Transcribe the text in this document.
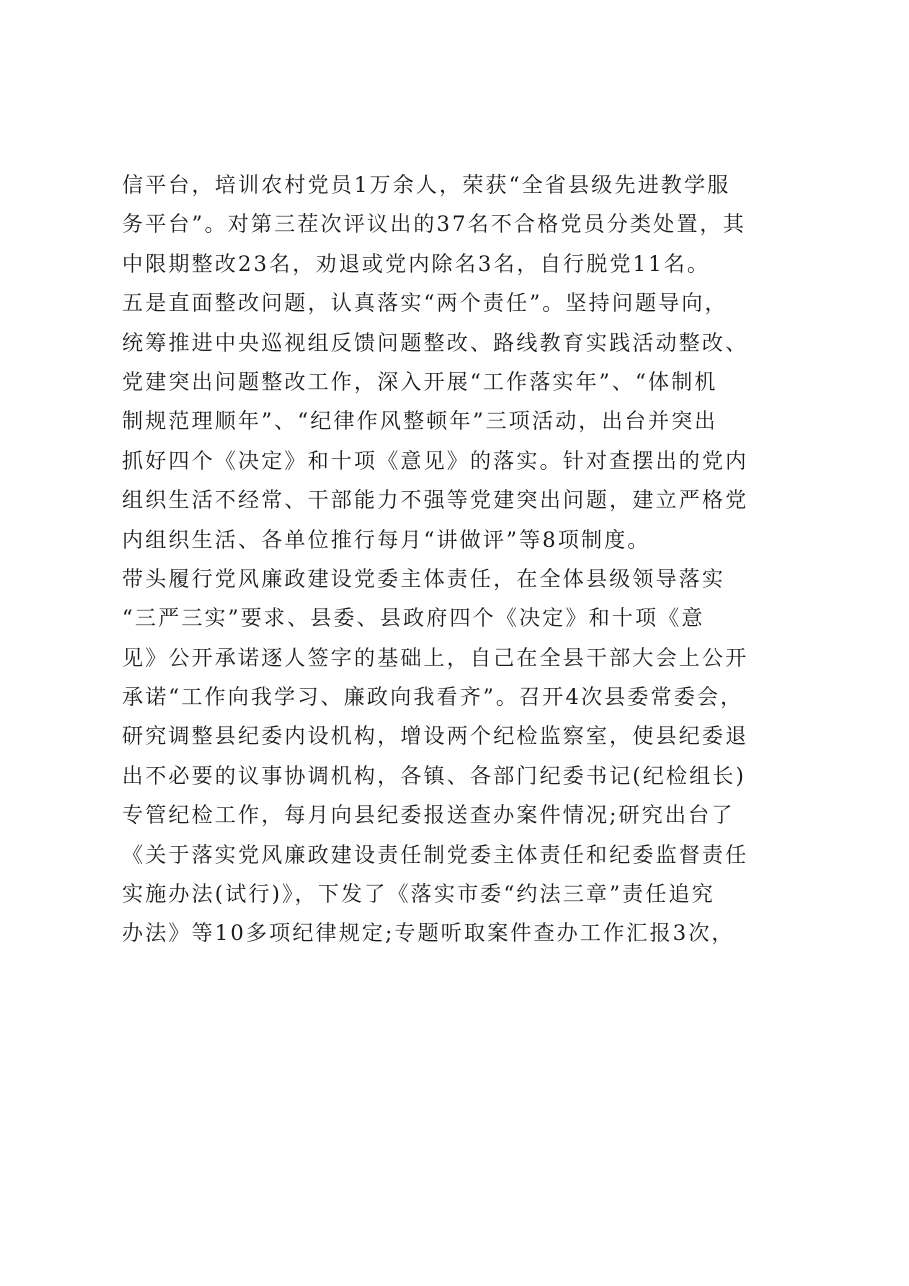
信平台，培训农村党员1万余人，荣获“全省县级先进教学服
务平台”。对第三茬次评议出的37名不合格党员分类处置，其
中限期整改23名，劝退或党内除名3名，自行脱党11名。
五是直面整改问题，认真落实“两个责任”。坚持问题导向，
统筹推进中央巡视组反馈问题整改、路线教育实践活动整改、
党建突出问题整改工作，深入开展“工作落实年”、“体制机
制规范理顺年”、“纪律作风整顿年”三项活动，出台并突出
抓好四个《决定》和十项《意见》的落实。针对查摆出的党内
组织生活不经常、干部能力不强等党建突出问题，建立严格党
内组织生活、各单位推行每月“讲做评”等8项制度。
带头履行党风廉政建设党委主体责任，在全体县级领导落实
“三严三实”要求、县委、县政府四个《决定》和十项《意
见》公开承诺逐人签字的基础上，自己在全县干部大会上公开
承诺“工作向我学习、廉政向我看齐”。召开4次县委常委会，
研究调整县纪委内设机构，增设两个纪检监察室，使县纪委退
出不必要的议事协调机构，各镇、各部门纪委书记(纪检组长)
专管纪检工作，每月向县纪委报送查办案件情况;研究出台了
《关于落实党风廉政建设责任制党委主体责任和纪委监督责任
实施办法(试行)》，下发了《落实市委“约法三章”责任追究
办法》等10多项纪律规定;专题听取案件查办工作汇报3次，
